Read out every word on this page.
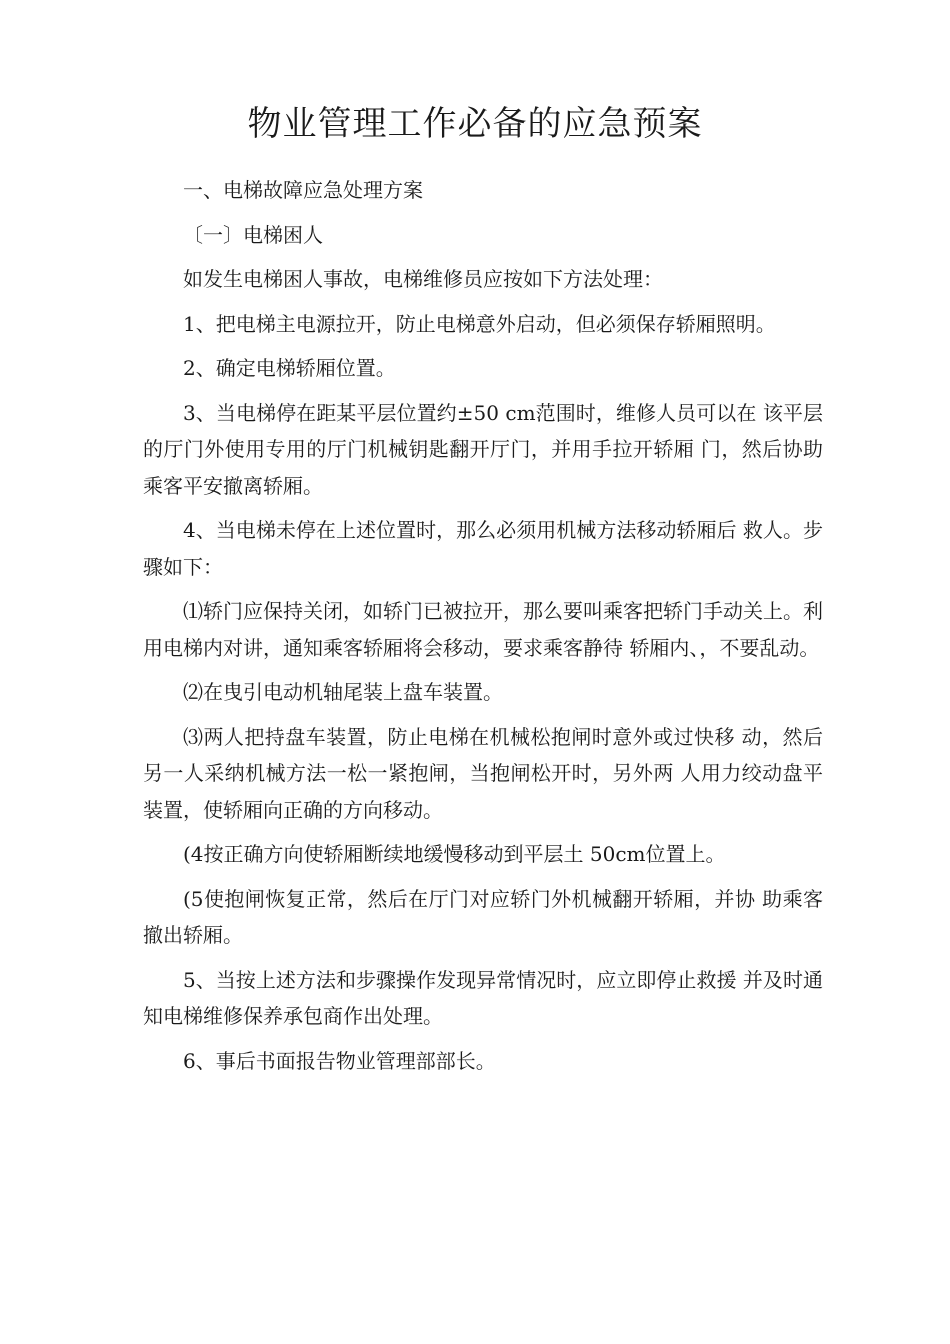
物业管理工作必备的应急预案

一、电梯故障应急处理方案

〔一〕电梯困人

如发生电梯困人事故，电梯维修员应按如下方法处理：

1、把电梯主电源拉开，防止电梯意外启动，但必须保存轿厢照明。

2、确定电梯轿厢位置。

3、当电梯停在距某平层位置约±50 cm范围时，维修人员可以在 该平层的厅门外使用专用的厅门机械钥匙翻开厅门，并用手拉开轿厢 门，然后协助乘客平安撤离轿厢。

4、当电梯未停在上述位置时，那么必须用机械方法移动轿厢后 救人。步骤如下：

⑴轿门应保持关闭，如轿门已被拉开，那么要叫乘客把轿门手动关上。利用电梯内对讲，通知乘客轿厢将会移动，要求乘客静待 轿厢内、，不要乱动。

⑵在曳引电动机轴尾装上盘车装置。

⑶两人把持盘车装置，防止电梯在机械松抱闸时意外或过快移 动，然后另一人采纳机械方法一松一紧抱闸，当抱闸松开时，另外两 人用力绞动盘平装置，使轿厢向正确的方向移动。

(4按正确方向使轿厢断续地缓慢移动到平层土 50cm位置上。

(5使抱闸恢复正常，然后在厅门对应轿门外机械翻开轿厢，并协 助乘客撤出轿厢。

5、当按上述方法和步骤操作发现异常情况时，应立即停止救援 并及时通知电梯维修保养承包商作出处理。

6、事后书面报告物业管理部部长。
